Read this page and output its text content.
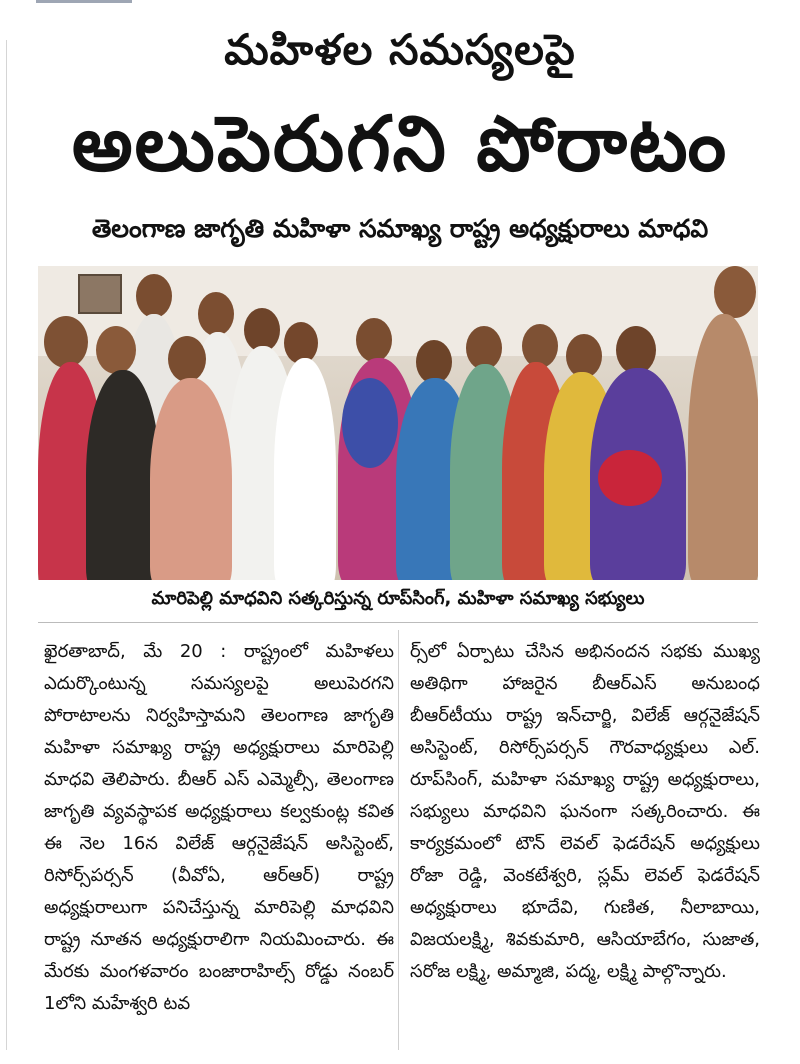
మహిళల సమస్యలపై
అలుపెరుగని పోరాటం
తెలంగాణ జాగృతి మహిళా సమాఖ్య రాష్ట్ర అధ్యక్షురాలు మాధవి
మారిపెల్లి మాధవిని సత్కరిస్తున్న రూప్‌సింగ్, మహిళా సమాఖ్య సభ్యులు

ఖైరతాబాద్, మే 20 : రాష్ట్రంలో మహిళలు ఎదుర్కొంటున్న సమస్యలపై అలుపెరగని పోరాటాలను నిర్వహిస్తామని తెలంగాణ జాగృతి మహిళా సమాఖ్య రాష్ట్ర అధ్యక్షురాలు మారిపెల్లి మాధవి తెలిపారు. బీఆర్ ఎస్ ఎమ్మెల్సీ, తెలంగాణ జాగృతి వ్యవస్థాపక అధ్యక్షురాలు కల్వకుంట్ల కవిత ఈ నెల 16న విలేజ్ ఆర్గనైజేషన్ అసిస్టెంట్, రిసోర్స్‌పర్సన్ (వీవోఏ, ఆర్‌ఆర్) రాష్ట్ర అధ్యక్షురాలుగా పనిచేస్తున్న మారిపెల్లి మాధవిని రాష్ట్ర నూతన అధ్యక్షురాలిగా నియమించారు. ఈ మేరకు మంగళవారం బంజారాహిల్స్ రోడ్డు నంబర్ 1లోని మహేశ్వరి టవ

ర్స్‌లో ఏర్పాటు చేసిన అభినందన సభకు ముఖ్య అతిథిగా హాజరైన బీఆర్‌ఎస్ అనుబంధ బీఆర్‌టీయు రాష్ట్ర ఇన్‌చార్జి, విలేజ్ ఆర్గనైజేషన్ అసిస్టెంట్, రిసోర్స్‌పర్సన్ గౌరవాధ్యక్షులు ఎల్. రూప్‌సింగ్, మహిళా సమాఖ్య రాష్ట్ర అధ్యక్షురాలు, సభ్యులు మాధవిని ఘనంగా సత్కరించారు. ఈ కార్యక్రమంలో టౌన్ లెవల్ ఫెడరేషన్ అధ్యక్షులు రోజా రెడ్డి, వెంకటేశ్వరి, స్లమ్ లెవల్ ఫెడరేషన్ అధ్యక్షురాలు భూదేవి, గుణిత, నీలాబాయి, విజయలక్ష్మి, శివకుమారి, ఆసియాబేగం, సుజాత, సరోజ లక్ష్మి, అమ్మాజి, పద్మ, లక్ష్మి పాల్గొన్నారు.
